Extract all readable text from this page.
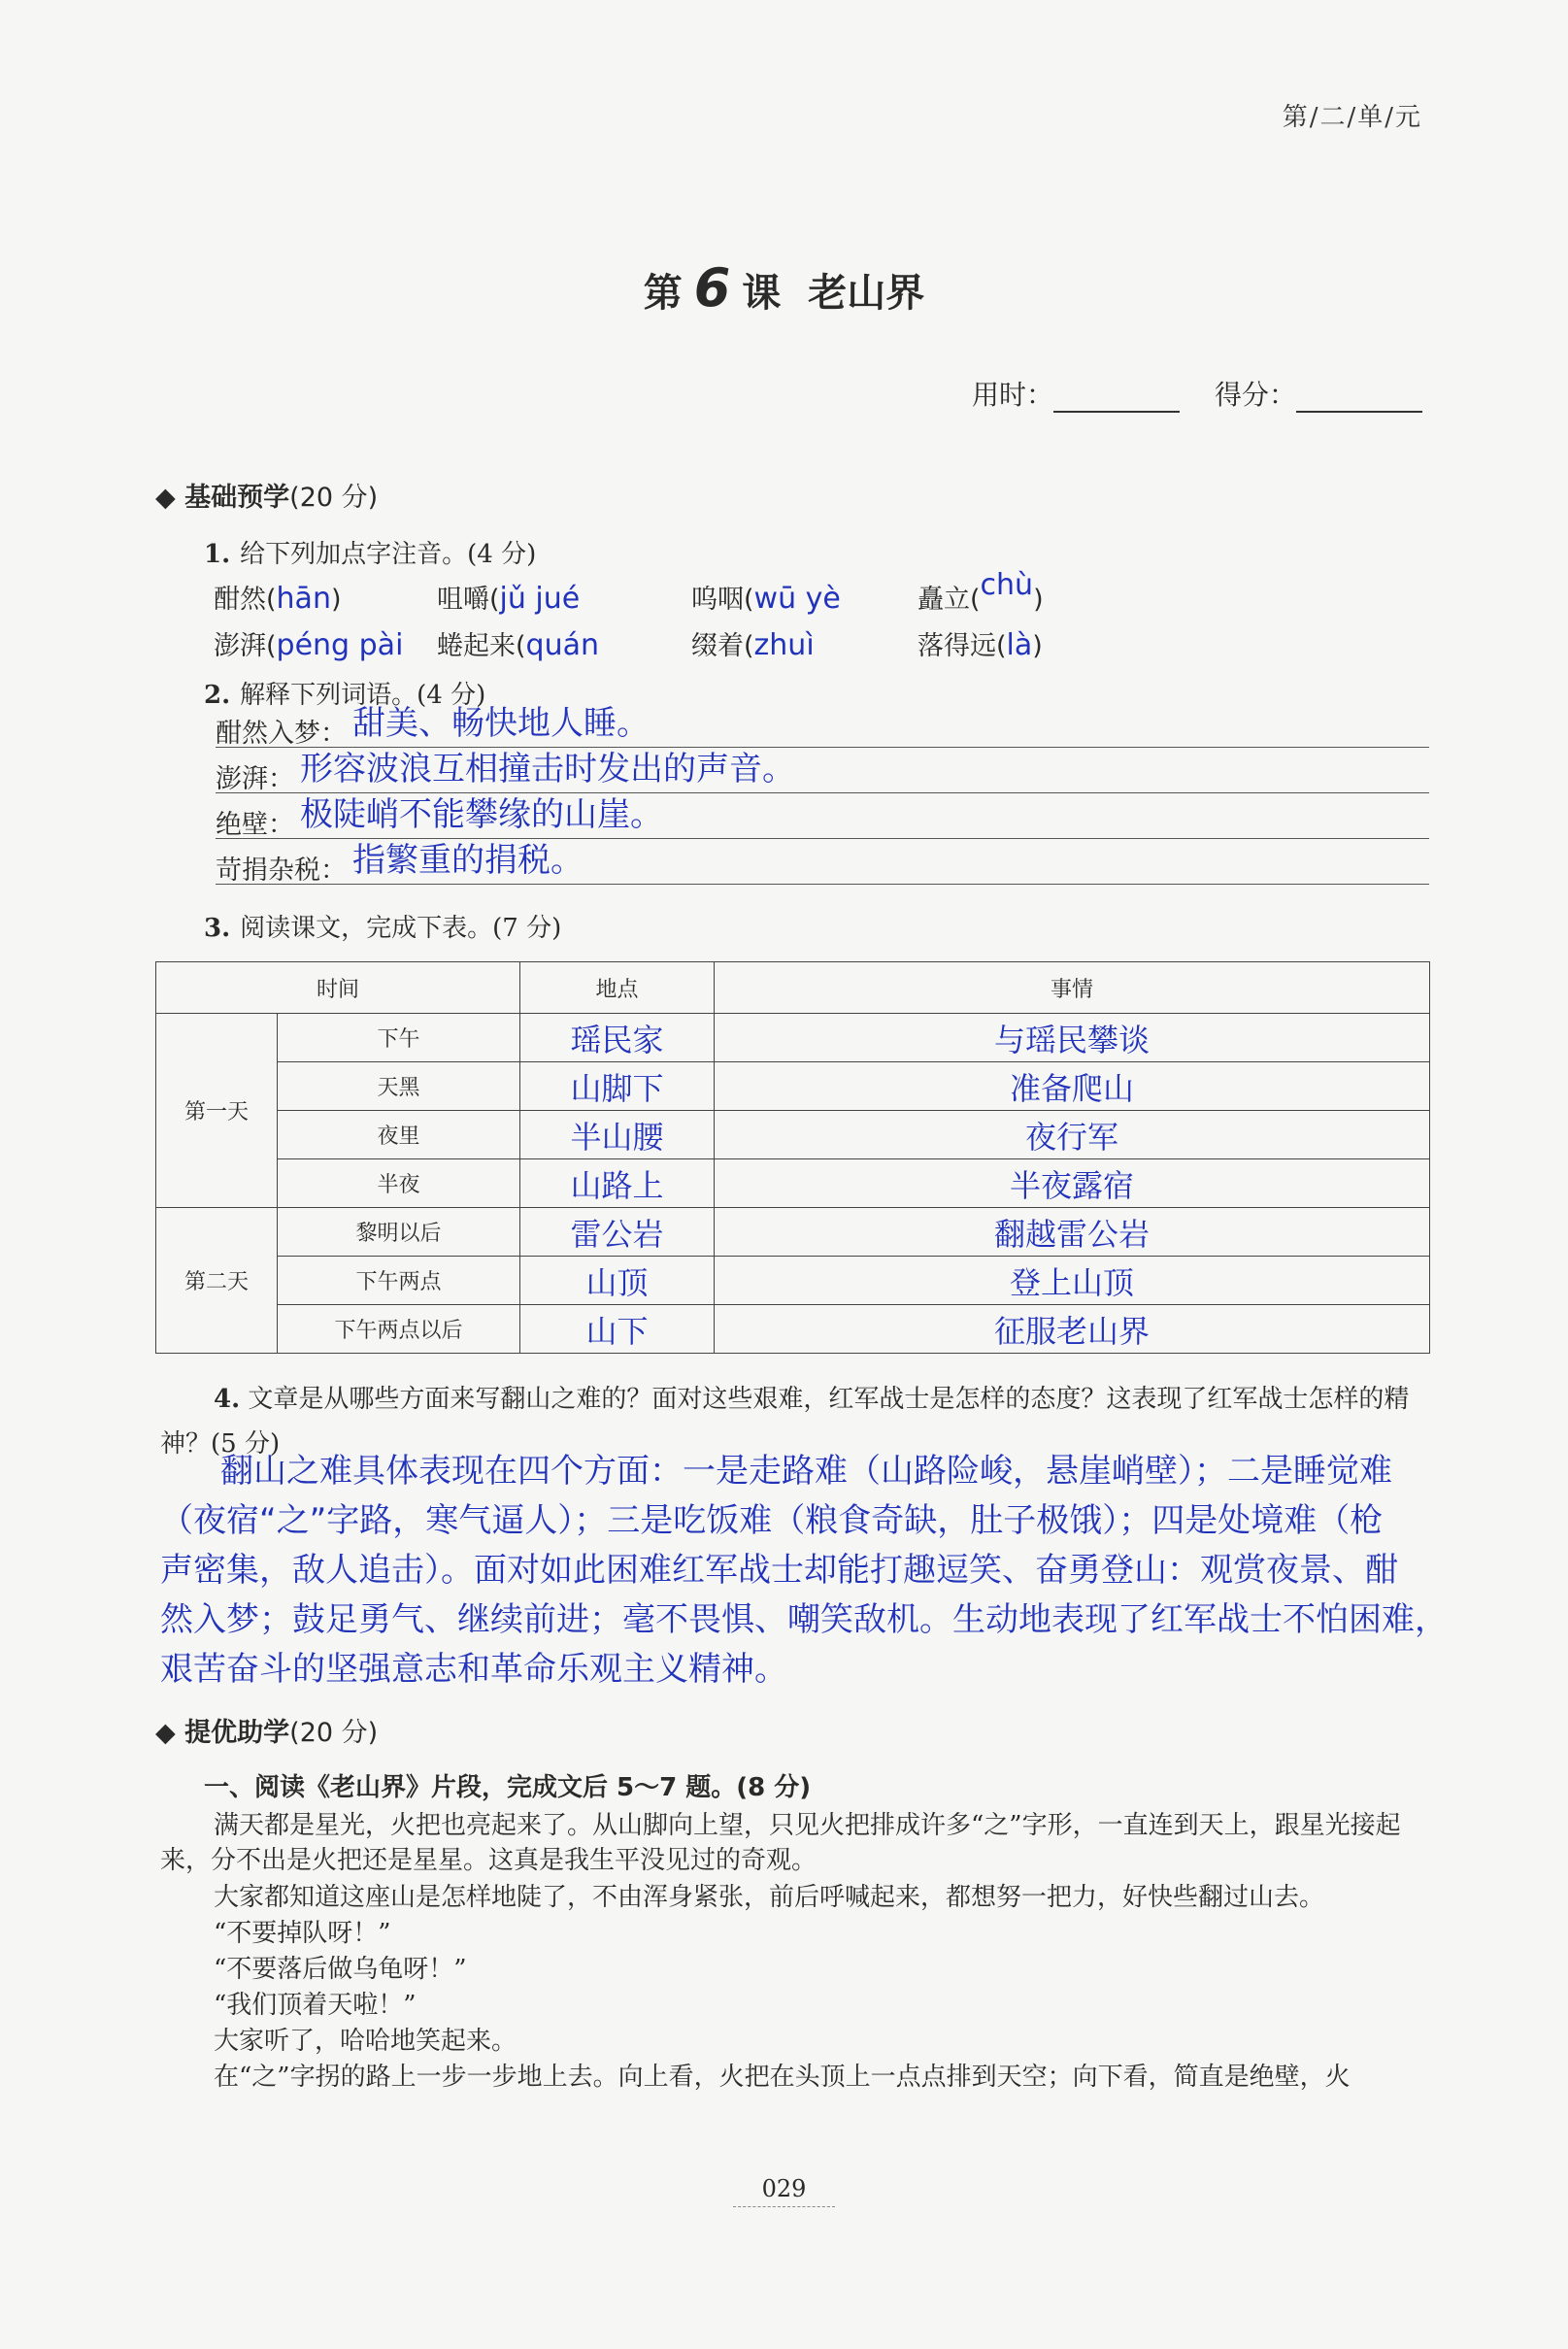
第/二/单/元
第 6 课 老山界
用时：	得分：
◆ 基础预学(20 分)
1. 给下列加点字注音。(4 分)
酣然(hān)	咀嚼(jǔ jué	呜咽(wū yè	矗立(chù)
澎湃(péng pài 蜷起来(quán	缀着(zhuì	落得远(là)
2. 解释下列词语。(4 分)
酣然入梦： 甜美、畅快地人睡。
澎湃： 形容波浪互相撞击时发出的声音。
绝壁： 极陡峭不能攀缘的山崖。
苛捐杂税： 指繁重的捐税。
3. 阅读课文，完成下表。(7 分)
时间		地点	事情
第一天	下午	瑶民家	与瑶民攀谈
	天黑	山脚下	准备爬山
	夜里	半山腰	夜行军
	半夜	山路上	半夜露宿
第二天	黎明以后	雷公岩	翻越雷公岩
	下午两点	山顶	登上山顶
	下午两点以后	山下	征服老山界
4. 文章是从哪些方面来写翻山之难的？面对这些艰难，红军战士是怎样的态度？这表现了红军战士怎样的精神？(5 分)
翻山之难具体表现在四个方面：一是走路难（山路险峻，悬崖峭壁）；二是睡觉难
（夜宿“之”字路，寒气逼人）；三是吃饭难（粮食奇缺，肚子极饿）；四是处境难（枪
声密集，敌人追击）。面对如此困难红军战士却能打趣逗笑、奋勇登山：观赏夜景、酣
然入梦；鼓足勇气、继续前进；毫不畏惧、嘲笑敌机。生动地表现了红军战士不怕困难，
艰苦奋斗的坚强意志和革命乐观主义精神。
◆ 提优助学(20 分)
一、阅读《老山界》片段，完成文后 5～7 题。(8 分)
满天都是星光，火把也亮起来了。从山脚向上望，只见火把排成许多“之”字形，一直连到天上，跟星光接起来，分不出是火把还是星星。这真是我生平没见过的奇观。
大家都知道这座山是怎样地陡了，不由浑身紧张，前后呼喊起来，都想努一把力，好快些翻过山去。
“不要掉队呀！”
“不要落后做乌龟呀！”
“我们顶着天啦！”
大家听了，哈哈地笑起来。
在“之”字拐的路上一步一步地上去。向上看，火把在头顶上一点点排到天空；向下看，简直是绝壁，火
029
